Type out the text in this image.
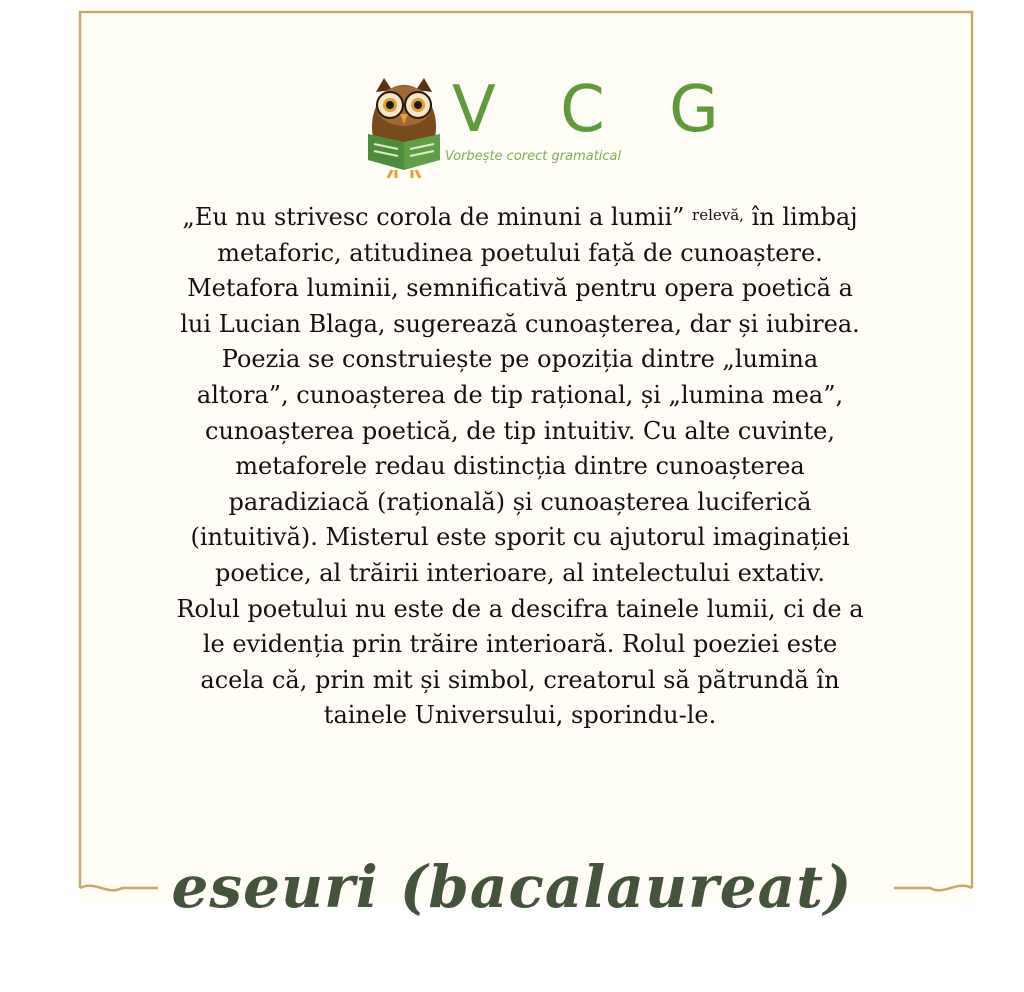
V C G
Vorbește corect gramatical
„Eu nu strivesc corola de minuni a lumii” $^{relevă,}$ în limbaj
metaforic, atitudinea poetului față de cunoaștere.
Metafora luminii, semnificativă pentru opera poetică a
lui Lucian Blaga, sugerează cunoașterea, dar și iubirea.
Poezia se construiește pe opoziția dintre „lumina
altora”, cunoașterea de tip rațional, și „lumina mea”,
cunoașterea poetică, de tip intuitiv. Cu alte cuvinte,
metaforele redau distincția dintre cunoașterea
paradiziacă (rațională) și cunoașterea luciferică
(intuitivă). Misterul este sporit cu ajutorul imaginației
poetice, al trăirii interioare, al intelectului extativ.
Rolul poetului nu este de a descifra tainele lumii, ci de a
le evidenția prin trăire interioară. Rolul poeziei este
acela că, prin mit și simbol, creatorul să pătrundă în
tainele Universului, sporindu-le.
eseuri (bacalaureat)
